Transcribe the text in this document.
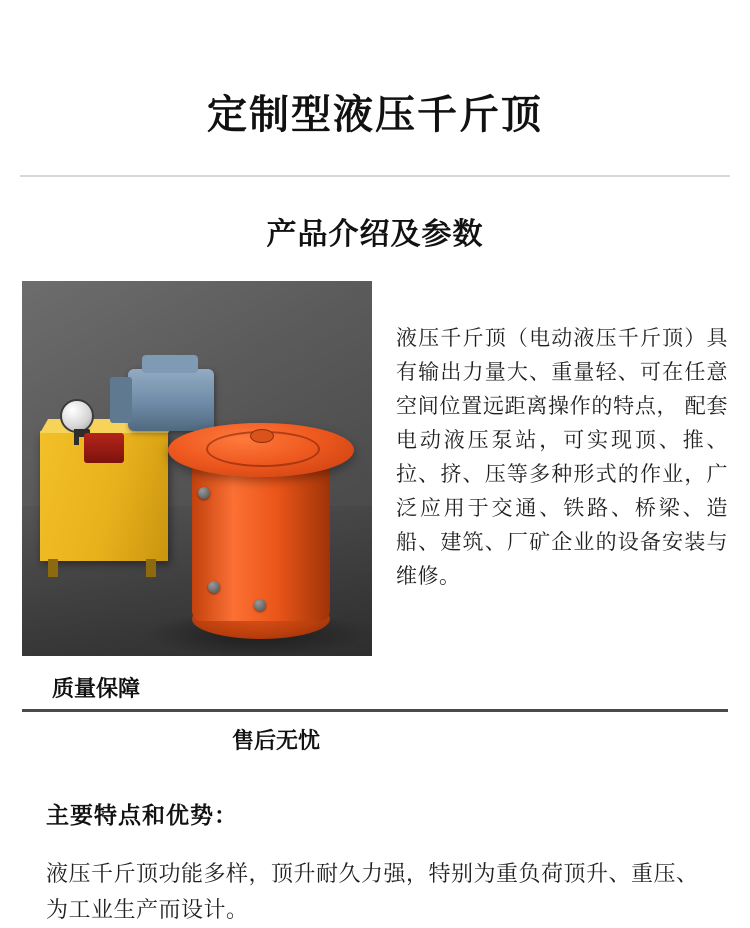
定制型液压千斤顶
产品介绍及参数

液压千斤顶（电动液压千斤顶）具有输出力量大、重量轻、可在任意空间位置远距离操作的特点， 配套电动液压泵站，可实现顶、推、拉、挤、压等多种形式的作业，广泛应用于交通、铁路、桥梁、造船、建筑、厂矿企业的设备安装与维修。

质量保障
售后无忧
主要特点和优势：
液压千斤顶功能多样，顶升耐久力强，特别为重负荷顶升、重压、为工业生产而设计。
